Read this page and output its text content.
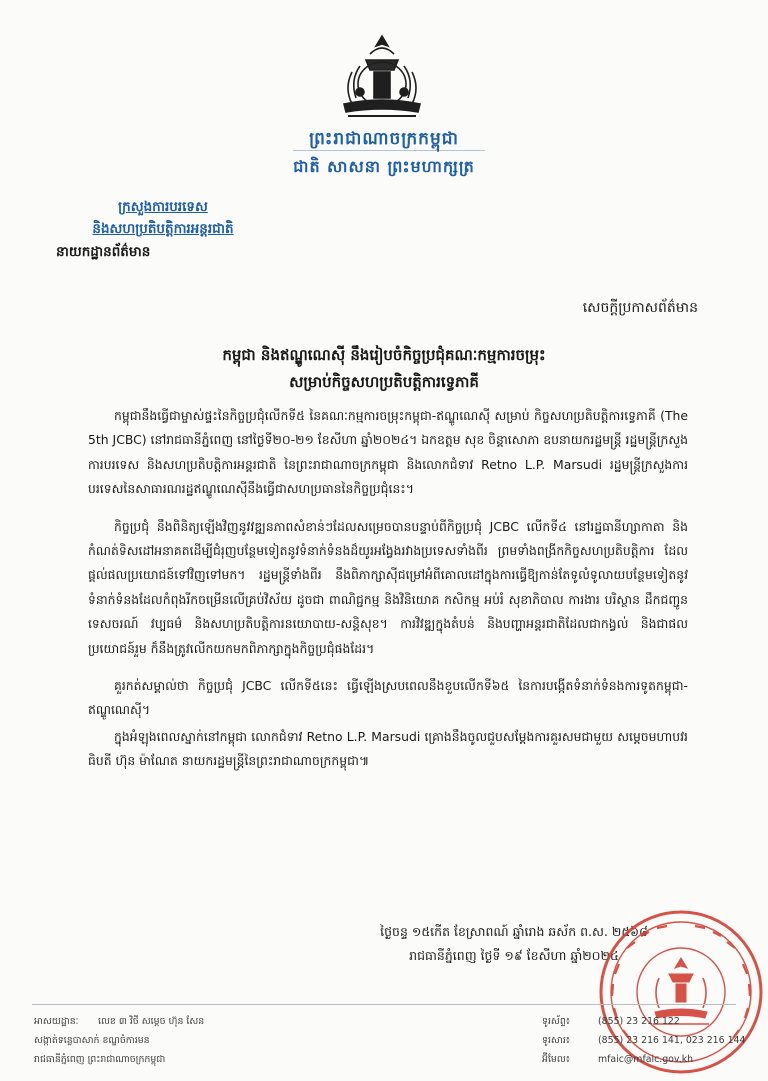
ព្រះរាជាណាចក្រកម្ពុជា
ជាតិ សាសនា ព្រះមហាក្សត្រ
ក្រសួងការបរទេស
និងសហប្រតិបត្តិការអន្តរជាតិ
នាយកដ្ឋានព័ត៌មាន
សេចក្តីប្រកាសព័ត៌មាន
កម្ពុជា និងឥណ្ឌូណេស៊ី នឹងរៀបចំកិច្ចប្រជុំគណៈកម្មការចម្រុះ
សម្រាប់កិច្ចសហប្រតិបត្តិការទ្វេភាគី

កម្ពុជានឹងធ្វើជាម្ចាស់ផ្ទះនៃកិច្ចប្រជុំលើកទី៥ នៃគណៈកម្មការចម្រុះកម្ពុជា-ឥណ្ឌូណេស៊ី សម្រាប់ កិច្ចសហប្រតិបត្តិការទ្វេភាគី (The 5th JCBC) នៅរាជធានីភ្នំពេញ នៅថ្ងៃទី២០-២១ ខែសីហា ឆ្នាំ២០២៤។ ឯកឧត្តម សុខ ចិន្តាសោភា ឧបនាយករដ្ឋមន្ត្រី រដ្ឋមន្ត្រីក្រសួងការបរទេស និងសហប្រតិបត្តិការអន្តរជាតិ នៃព្រះរាជាណាចក្រកម្ពុជា និងលោកជំទាវ Retno L.P. Marsudi រដ្ឋមន្ត្រីក្រសួងការបរទេសនៃសាធារណរដ្ឋឥណ្ឌូណេស៊ីនឹងធ្វើជាសហប្រធាននៃកិច្ចប្រជុំនេះ។

កិច្ចប្រជុំ នឹងពិនិត្យឡើងវិញនូវវឌ្ឍនភាពសំខាន់ៗដែលសម្រេចបានបន្ទាប់ពីកិច្ចប្រជុំ JCBC លើកទី៤ នៅរដ្ឋធានីហ្សាកាតា និងកំណត់ទិសដៅអនាគតដើម្បីជំរុញបន្ថែមទៀតនូវទំនាក់ទំនងដ៏យូរអង្វែងរវាងប្រទេសទាំងពីរ ព្រមទាំងពង្រីកកិច្ចសហប្រតិបត្តិការ ដែលផ្តល់ផលប្រយោជន៍ទៅវិញទៅមក។ រដ្ឋមន្ត្រីទាំងពីរ នឹងពិភាក្សាស៊ីជម្រៅអំពីគោលដៅក្នុងការធ្វើឱ្យកាន់តែទូលំទូលាយបន្ថែមទៀតនូវទំនាក់ទំនងដែលកំពុងរីកចម្រើនលើគ្រប់វិស័យ ដូចជា ពាណិជ្ជកម្ម និងវិនិយោគ កសិកម្ម អប់រំ សុខាភិបាល ការងារ បរិស្ថាន ដឹកជញ្ជូន ទេសចរណ៍ វប្បធម៌ និងសហប្រតិបត្តិការនយោបាយ-សន្តិសុខ។ ការវិវឌ្ឍក្នុងតំបន់ និងបញ្ហាអន្តរជាតិដែលជាកង្វល់ និងជាផលប្រយោជន៍រួម ក៏នឹងត្រូវលើកយកមកពិភាក្សាក្នុងកិច្ចប្រជុំផងដែរ។

គួរកត់សម្គាល់ថា កិច្ចប្រជុំ JCBC លើកទី៥នេះ ធ្វើឡើងស្របពេលនឹងខួបលើកទី៦៥ នៃការបង្កើតទំនាក់ទំនងការទូតកម្ពុជា-ឥណ្ឌូណេស៊ី។

ក្នុងអំឡុងពេលស្នាក់នៅកម្ពុជា លោកជំទាវ Retno L.P. Marsudi គ្រោងនឹងចូលជួបសម្តែងការគួរសមជាមួយ សម្តេចមហាបវរធិបតី ហ៊ុន ម៉ាណែត នាយករដ្ឋមន្ត្រីនៃព្រះរាជាណាចក្រកម្ពុជា៕

ថ្ងៃចន្ទ ១៥កើត ខែស្រាពណ៍ ឆ្នាំរោង ឆស័ក ព.ស. ២៥៦៨
រាជធានីភ្នំពេញ ថ្ងៃទី ១៩ ខែសីហា ឆ្នាំ២០២៤
អាសយដ្ឋានៈ	លេខ ៣ វិថី សម្តេច ហ៊ុន សែន
សង្កាត់ទន្លេបាសាក់ ខណ្ឌចំការមន
រាជធានីភ្នំពេញ ព្រះរាជាណាចក្រកម្ពុជា
ទូរស័ព្ទ៖	(855) 23 216 122
ទូរសារ៖	(855) 23 216 141, 023 216 144
អ៊ីមែល៖	mfaic@mfaic.gov.kh
